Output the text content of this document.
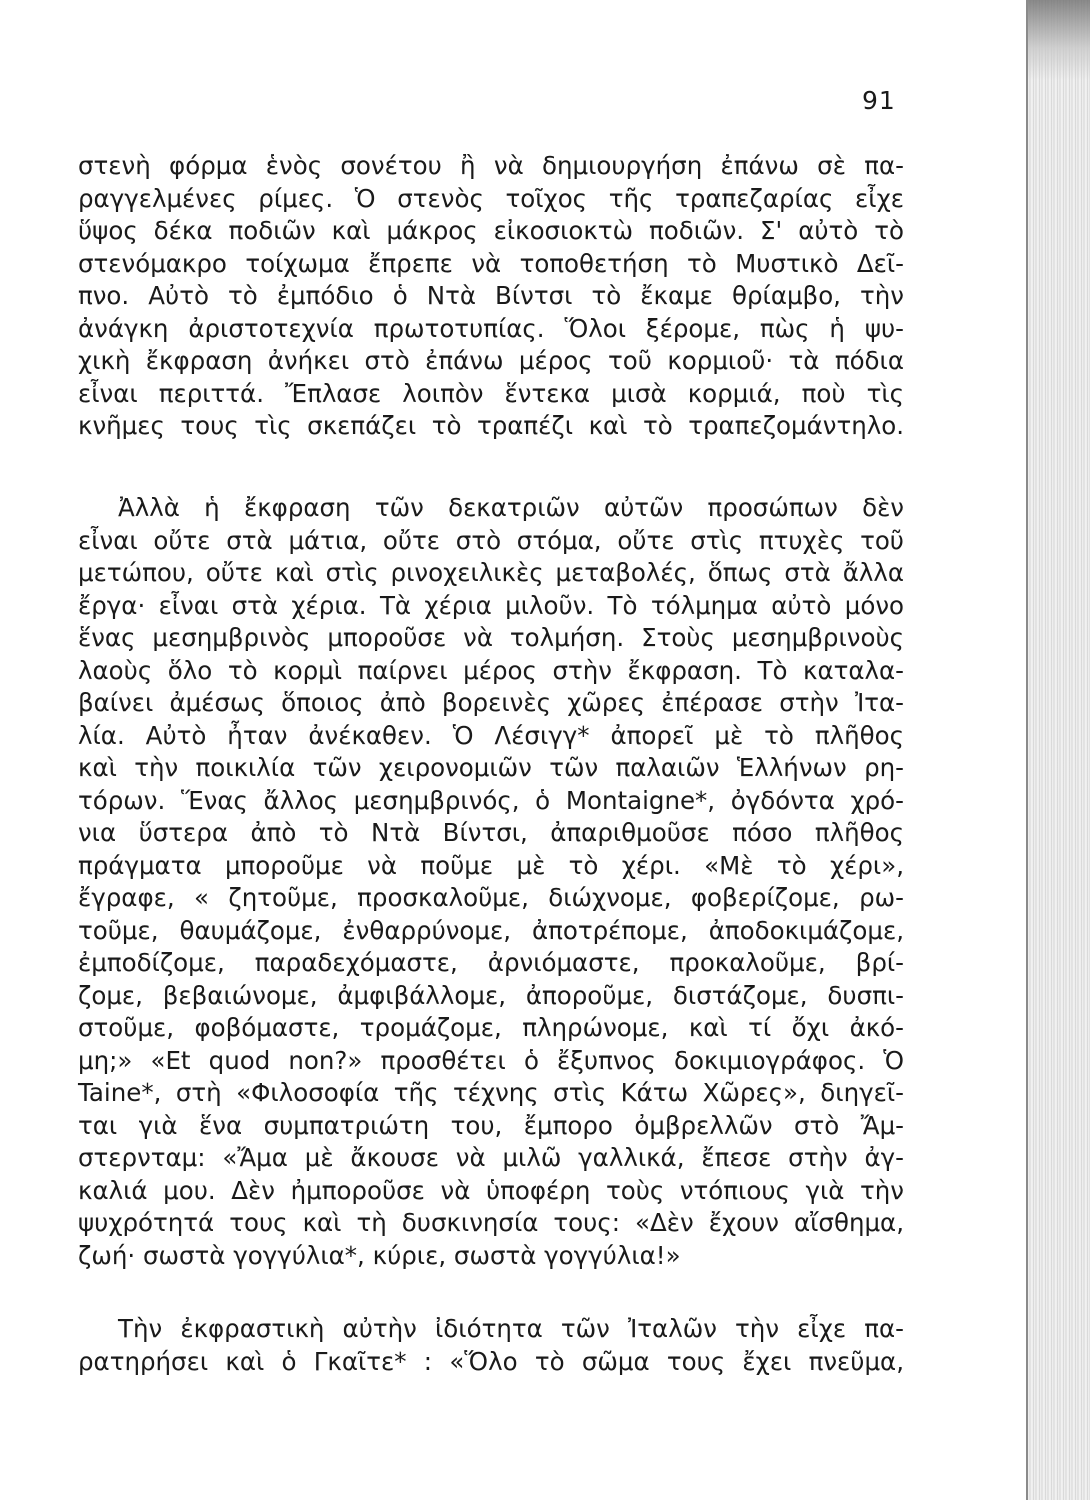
91
στενὴ φόρμα ἑνὸς σονέτου ἢ νὰ δημιουργήση ἐπάνω σὲ πα-
ραγγελμένες ρίμες. Ὁ στενὸς τοῖχος τῆς τραπεζαρίας εἶχε
ὕψος δέκα ποδιῶν καὶ μάκρος εἰκοσιοκτὼ ποδιῶν. Σ' αὐτὸ τὸ
στενόμακρο τοίχωμα ἔπρεπε νὰ τοποθετήση τὸ Μυστικὸ Δεῖ-
πνο. Αὐτὸ τὸ ἐμπόδιο ὁ Ντὰ Βίντσι τὸ ἔκαμε θρίαμβο, τὴν
ἀνάγκη ἀριστοτεχνία πρωτοτυπίας. Ὅλοι ξέρομε, πὼς ἡ ψυ-
χικὴ ἔκφραση ἀνήκει στὸ ἐπάνω μέρος τοῦ κορμιοῦ· τὰ πόδια
εἶναι περιττά. Ἔπλασε λοιπὸν ἕντεκα μισὰ κορμιά, ποὺ τὶς
κνῆμες τους τὶς σκεπάζει τὸ τραπέζι καὶ τὸ τραπεζομάντηλο.
Ἀλλὰ ἡ ἔκφραση τῶν δεκατριῶν αὐτῶν προσώπων δὲν
εἶναι οὔτε στὰ μάτια, οὔτε στὸ στόμα, οὔτε στὶς πτυχὲς τοῦ
μετώπου, οὔτε καὶ στὶς ρινοχειλικὲς μεταβολές, ὅπως στὰ ἄλλα
ἔργα· εἶναι στὰ χέρια. Τὰ χέρια μιλοῦν. Τὸ τόλμημα αὐτὸ μόνο
ἕνας μεσημβρινὸς μποροῦσε νὰ τολμήση. Στοὺς μεσημβρινοὺς
λαοὺς ὅλο τὸ κορμὶ παίρνει μέρος στὴν ἔκφραση. Τὸ καταλα-
βαίνει ἀμέσως ὅποιος ἀπὸ βορεινὲς χῶρες ἐπέρασε στὴν Ἰτα-
λία. Αὐτὸ ἦταν ἀνέκαθεν. Ὁ Λέσιγγ* ἀπορεῖ μὲ τὸ πλῆθος
καὶ τὴν ποικιλία τῶν χειρονομιῶν τῶν παλαιῶν Ἑλλήνων ρη-
τόρων. Ἕνας ἄλλος μεσημβρινός, ὁ Montaigne*, ὀγδόντα χρό-
νια ὕστερα ἀπὸ τὸ Ντὰ Βίντσι, ἀπαριθμοῦσε πόσο πλῆθος
πράγματα μποροῦμε νὰ ποῦμε μὲ τὸ χέρι. «Μὲ τὸ χέρι»,
ἔγραφε, « ζητοῦμε, προσκαλοῦμε, διώχνομε, φοβερίζομε, ρω-
τοῦμε, θαυμάζομε, ἐνθαρρύνομε, ἀποτρέπομε, ἀποδοκιμάζομε,
ἐμποδίζομε, παραδεχόμαστε, ἀρνιόμαστε, προκαλοῦμε, βρί-
ζομε, βεβαιώνομε, ἀμφιβάλλομε, ἀποροῦμε, διστάζομε, δυσπι-
στοῦμε, φοβόμαστε, τρομάζομε, πληρώνομε, καὶ τί ὄχι ἀκό-
μη;» «Et quod non?» προσθέτει ὁ ἔξυπνος δοκιμιογράφος. Ὁ
Taine*, στὴ «Φιλοσοφία τῆς τέχνης στὶς Κάτω Χῶρες», διηγεῖ-
ται γιὰ ἕνα συμπατριώτη του, ἔμπορο ὀμβρελλῶν στὸ Ἄμ-
στερνταμ: «Ἄμα μὲ ἄκουσε νὰ μιλῶ γαλλικά, ἔπεσε στὴν ἀγ-
καλιά μου. Δὲν ἠμποροῦσε νὰ ὑποφέρη τοὺς ντόπιους γιὰ τὴν
ψυχρότητά τους καὶ τὴ δυσκινησία τους: «Δὲν ἔχουν αἴσθημα,
ζωή· σωστὰ γογγύλια*, κύριε, σωστὰ γογγύλια!»
Τὴν ἐκφραστικὴ αὐτὴν ἰδιότητα τῶν Ἰταλῶν τὴν εἶχε πα-
ρατηρήσει καὶ ὁ Γκαῖτε* : «Ὅλο τὸ σῶμα τους ἔχει πνεῦμα,
